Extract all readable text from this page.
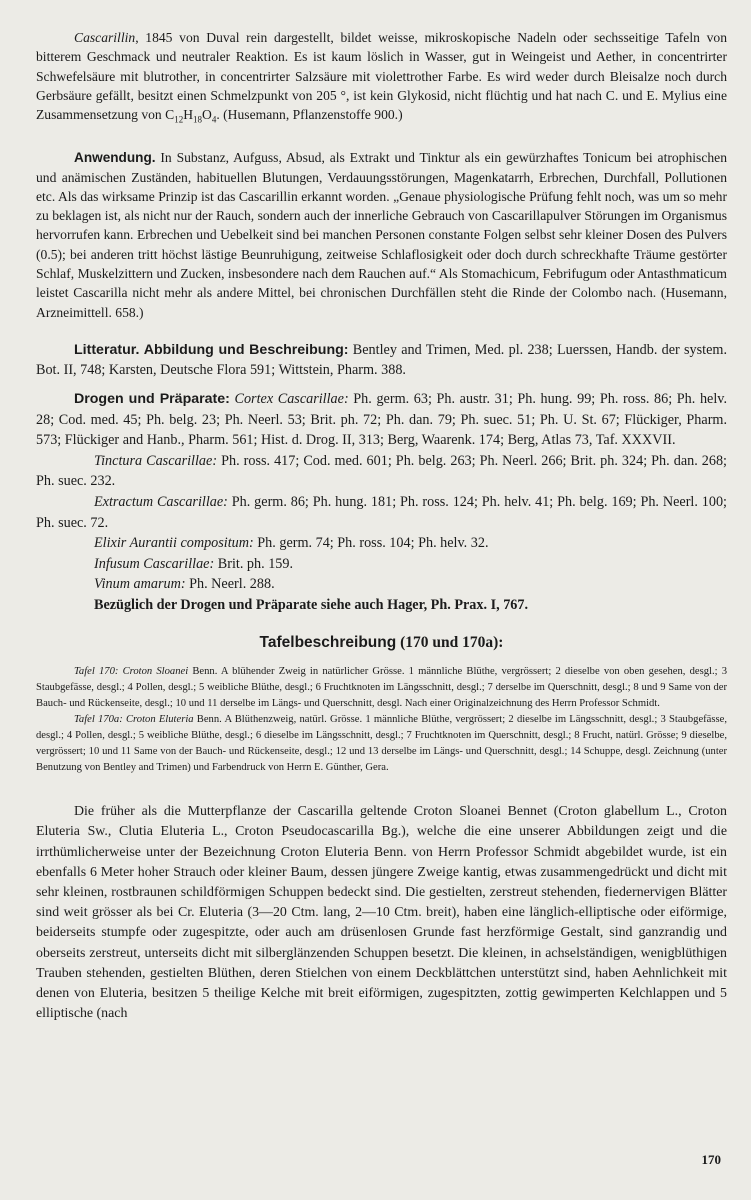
Cascarillin, 1845 von Duval rein dargestellt, bildet weisse, mikroskopische Nadeln oder sechsseitige Tafeln von bitterem Geschmack und neutraler Reaktion. Es ist kaum löslich in Wasser, gut in Weingeist und Aether, in concentrirter Schwefelsäure mit blutrother, in concentrirter Salzsäure mit violettrother Farbe. Es wird weder durch Bleisalze noch durch Gerbsäure gefällt, besitzt einen Schmelzpunkt von 205 °, ist kein Glykosid, nicht flüchtig und hat nach C. und E. Mylius eine Zusammensetzung von $C_{12}H_{18}O_4$. (Husemann, Pflanzenstoffe 900.)

Anwendung. In Substanz, Aufguss, Absud, als Extrakt und Tinktur als ein gewürzhaftes Tonicum bei atrophischen und anämischen Zuständen, habituellen Blutungen, Verdauungsstörungen, Magenkatarrh, Erbrechen, Durchfall, Pollutionen etc. Als das wirksame Prinzip ist das Cascarillin erkannt worden. „Genaue physiologische Prüfung fehlt noch, was um so mehr zu beklagen ist, als nicht nur der Rauch, sondern auch der innerliche Gebrauch von Cascarillapulver Störungen im Organismus hervorrufen kann. Erbrechen und Uebelkeit sind bei manchen Personen constante Folgen selbst sehr kleiner Dosen des Pulvers (0.5); bei anderen tritt höchst lästige Beunruhigung, zeitweise Schlaflosigkeit oder doch durch schreckhafte Träume gestörter Schlaf, Muskelzittern und Zucken, insbesondere nach dem Rauchen auf.“ Als Stomachicum, Febrifugum oder Antasthmaticum leistet Cascarilla nicht mehr als andere Mittel, bei chronischen Durchfällen steht die Rinde der Colombo nach. (Husemann, Arzneimittell. 658.)

Litteratur. Abbildung und Beschreibung: Bentley and Trimen, Med. pl. 238; Luerssen, Handb. der system. Bot. II, 748; Karsten, Deutsche Flora 591; Wittstein, Pharm. 388.

Drogen und Präparate: Cortex Cascarillae: Ph. germ. 63; Ph. austr. 31; Ph. hung. 99; Ph. ross. 86; Ph. helv. 28; Cod. med. 45; Ph. belg. 23; Ph. Neerl. 53; Brit. ph. 72; Ph. dan. 79; Ph. suec. 51; Ph. U. St. 67; Flückiger, Pharm. 573; Flückiger and Hanb., Pharm. 561; Hist. d. Drog. II, 313; Berg, Waarenk. 174; Berg, Atlas 73, Taf. XXXVII.

Tinctura Cascarillae: Ph. ross. 417; Cod. med. 601; Ph. belg. 263; Ph. Neerl. 266; Brit. ph. 324; Ph. dan. 268; Ph. suec. 232.

Extractum Cascarillae: Ph. germ. 86; Ph. hung. 181; Ph. ross. 124; Ph. helv. 41; Ph. belg. 169; Ph. Neerl. 100; Ph. suec. 72.

Elixir Aurantii compositum: Ph. germ. 74; Ph. ross. 104; Ph. helv. 32.

Infusum Cascarillae: Brit. ph. 159.

Vinum amarum: Ph. Neerl. 288.

Bezüglich der Drogen und Präparate siehe auch Hager, Ph. Prax. I, 767.

Tafelbeschreibung (170 und 170a):

Tafel 170: Croton Sloanei Benn. A blühender Zweig in natürlicher Grösse. 1 männliche Blüthe, vergrössert; 2 dieselbe von oben gesehen, desgl.; 3 Staubgefässe, desgl.; 4 Pollen, desgl.; 5 weibliche Blüthe, desgl.; 6 Fruchtknoten im Längsschnitt, desgl.; 7 derselbe im Querschnitt, desgl.; 8 und 9 Same von der Bauch- und Rückenseite, desgl.; 10 und 11 derselbe im Längs- und Querschnitt, desgl. Nach einer Originalzeichnung des Herrn Professor Schmidt.

Tafel 170a: Croton Eluteria Benn. A Blüthenzweig, natürl. Grösse. 1 männliche Blüthe, vergrössert; 2 dieselbe im Längsschnitt, desgl.; 3 Staubgefässe, desgl.; 4 Pollen, desgl.; 5 weibliche Blüthe, desgl.; 6 dieselbe im Längsschnitt, desgl.; 7 Fruchtknoten im Querschnitt, desgl.; 8 Frucht, natürl. Grösse; 9 dieselbe, vergrössert; 10 und 11 Same von der Bauch- und Rückenseite, desgl.; 12 und 13 derselbe im Längs- und Querschnitt, desgl.; 14 Schuppe, desgl. Zeichnung (unter Benutzung von Bentley and Trimen) und Farbendruck von Herrn E. Günther, Gera.

Die früher als die Mutterpflanze der Cascarilla geltende Croton Sloanei Bennet (Croton glabellum L., Croton Eluteria Sw., Clutia Eluteria L., Croton Pseudocascarilla Bg.), welche die eine unserer Abbildungen zeigt und die irrthümlicherweise unter der Bezeichnung Croton Eluteria Benn. von Herrn Professor Schmidt abgebildet wurde, ist ein ebenfalls 6 Meter hoher Strauch oder kleiner Baum, dessen jüngere Zweige kantig, etwas zusammengedrückt und dicht mit sehr kleinen, rostbraunen schildförmigen Schuppen bedeckt sind. Die gestielten, zerstreut stehenden, fiedernervigen Blätter sind weit grösser als bei Cr. Eluteria (3—20 Ctm. lang, 2—10 Ctm. breit), haben eine länglich-elliptische oder eiförmige, beiderseits stumpfe oder zugespitzte, oder auch am drüsenlosen Grunde fast herzförmige Gestalt, sind ganzrandig und oberseits zerstreut, unterseits dicht mit silberglänzenden Schuppen besetzt. Die kleinen, in achselständigen, wenigblüthigen Trauben stehenden, gestielten Blüthen, deren Stielchen von einem Deckblättchen unterstützt sind, haben Aehnlichkeit mit denen von Eluteria, besitzen 5 theilige Kelche mit breit eiförmigen, zugespitzten, zottig gewimperten Kelchlappen und 5 elliptische (nach

170
